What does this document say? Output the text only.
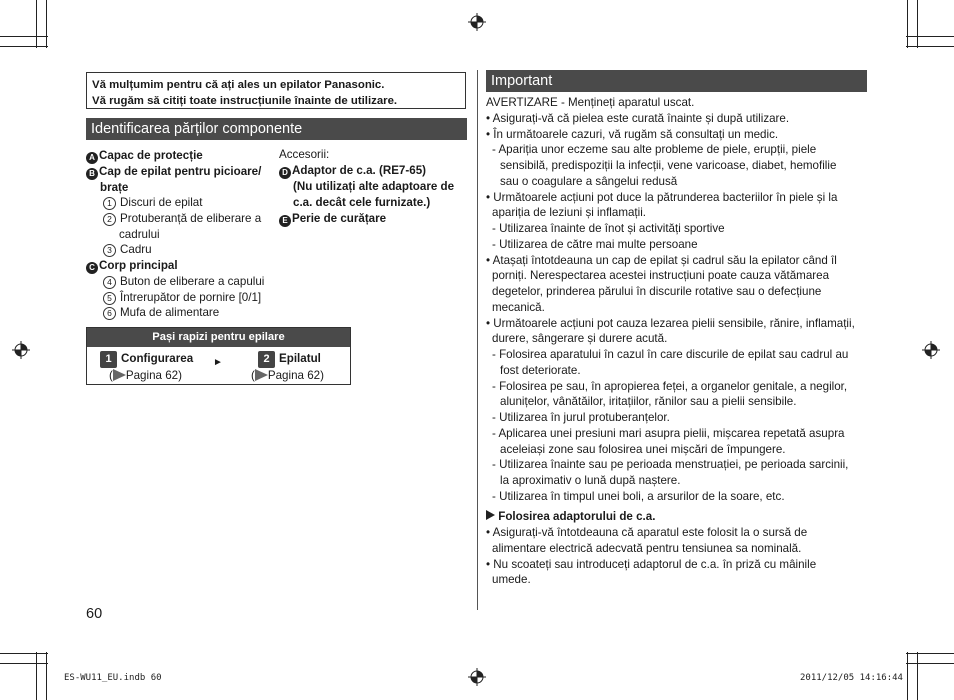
Vă mulțumim pentru că ați ales un epilator Panasonic.
Vă rugăm să citiți toate instrucțiunile înainte de utilizare.
Identificarea părților componente
A Capac de protecție
B Cap de epilat pentru picioare/
brațe
1 Discuri de epilat
2 Protuberanță de eliberare a
cadrului
3 Cadru
C Corp principal
4 Buton de eliberare a capului
5 Întrerupător de pornire [0/1]
6 Mufa de alimentare
Accesorii:
D Adaptor de c.a. (RE7-65)
(Nu utilizați alte adaptoare de
c.a. decât cele furnizate.)
E Perie de curățare
Pași rapizi pentru epilare
1 Configurarea
( Pagina 62)
►	2 Epilatul
( Pagina 62)
60
Important
AVERTIZARE - Mențineți aparatul uscat.
• Asigurați-vă că pielea este curată înainte și după utilizare.
• În următoarele cazuri, vă rugăm să consultați un medic.
- Apariția unor eczeme sau alte probleme de piele, erupții, piele
sensibilă, predispoziții la infecții, vene varicoase, diabet, hemofilie
sau o coagulare a sângelui redusă
• Următoarele acțiuni pot duce la pătrunderea bacteriilor în piele și la
apariția de leziuni și inflamații.
- Utilizarea înainte de înot și activități sportive
- Utilizarea de către mai multe persoane
• Atașați întotdeauna un cap de epilat și cadrul său la epilator când îl
porniți. Nerespectarea acestei instrucțiuni poate cauza vătămarea
degetelor, prinderea părului în discurile rotative sau o defecțiune
mecanică.
• Următoarele acțiuni pot cauza lezarea pielii sensibile, rănire, inflamații,
durere, sângerare și durere acută.
- Folosirea aparatului în cazul în care discurile de epilat sau cadrul au
fost deteriorate.
- Folosirea pe sau, în apropierea feței, a organelor genitale, a negilor,
alunițelor, vânătăilor, iritațiilor, rănilor sau a pielii sensibile.
- Utilizarea în jurul protuberanțelor.
- Aplicarea unei presiuni mari asupra pielii, mișcarea repetată asupra
aceleiași zone sau folosirea unei mișcări de împungere.
- Utilizarea înainte sau pe perioada menstruației, pe perioada sarcinii,
la aproximativ o lună după naștere.
- Utilizarea în timpul unei boli, a arsurilor de la soare, etc.
Folosirea adaptorului de c.a.
• Asigurați-vă întotdeauna că aparatul este folosit la o sursă de
alimentare electrică adecvată pentru tensiunea sa nominală.
• Nu scoateți sau introduceți adaptorul de c.a. în priză cu mâinile
umede.
ES-WU11_EU.indb 60	2011/12/05 14:16:44
